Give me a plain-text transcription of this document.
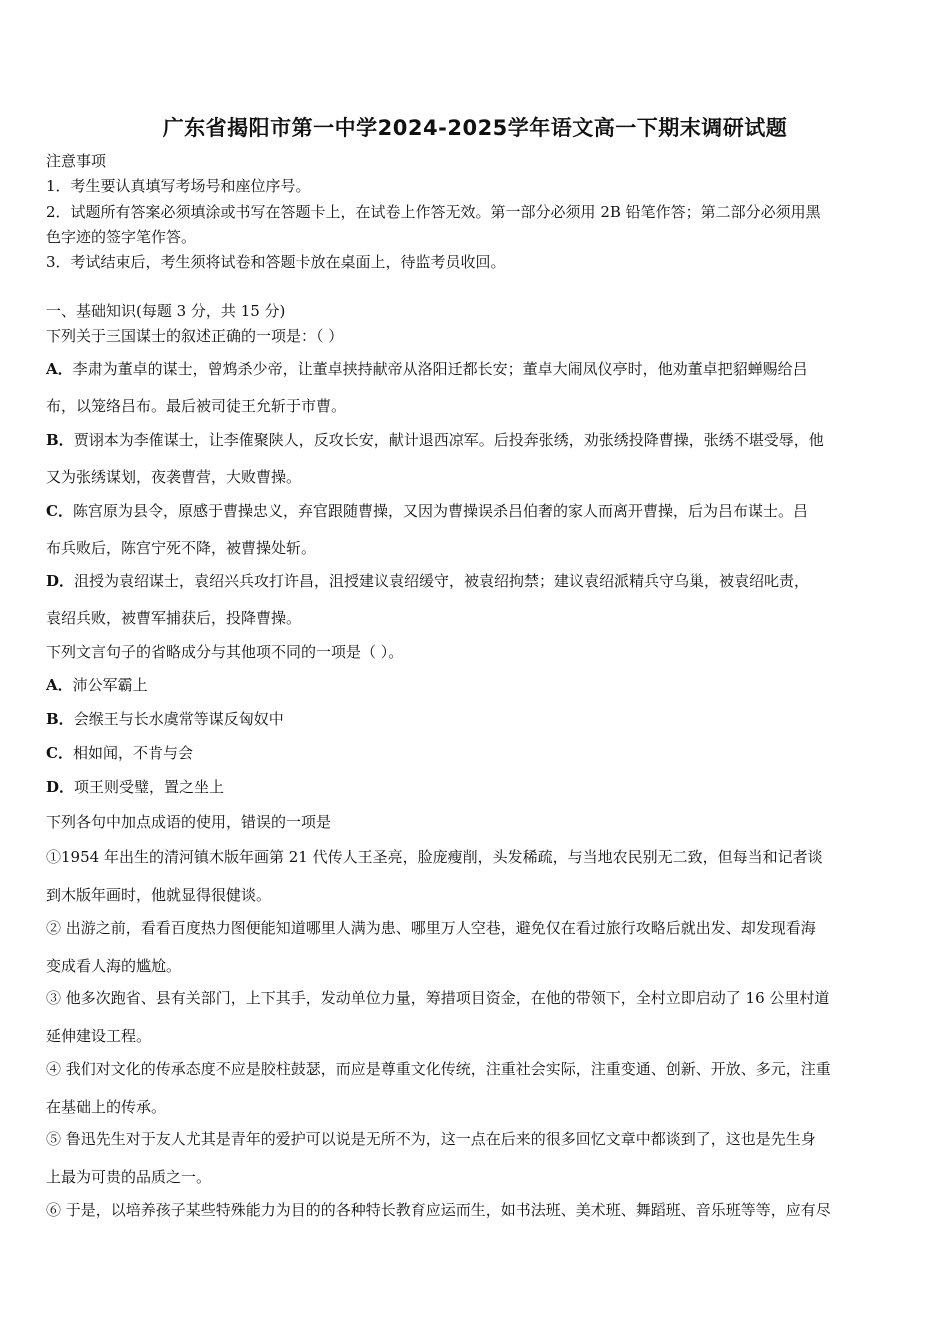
广东省揭阳市第一中学2024-2025学年语文高一下期末调研试题
注意事项
1．考生要认真填写考场号和座位序号。
2．试题所有答案必须填涂或书写在答题卡上，在试卷上作答无效。第一部分必须用 2B 铅笔作答；第二部分必须用黑
色字迹的签字笔作答。
3．考试结束后，考生须将试卷和答题卡放在桌面上，待监考员收回。
一、基础知识(每题 3 分，共 15 分)
下列关于三国谋士的叙述正确的一项是：（ ）
A．李肃为董卓的谋士，曾鸩杀少帝，让董卓挟持献帝从洛阳迁都长安；董卓大闹凤仪亭时，他劝董卓把貂蝉赐给吕
布，以笼络吕布。最后被司徒王允斩于市曹。
B．贾诩本为李傕谋士，让李傕聚陕人，反攻长安，献计退西凉军。后投奔张绣，劝张绣投降曹操，张绣不堪受辱，他
又为张绣谋划，夜袭曹营，大败曹操。
C．陈宫原为县令，原感于曹操忠义，弃官跟随曹操，又因为曹操误杀吕伯奢的家人而离开曹操，后为吕布谋士。吕
布兵败后，陈宫宁死不降，被曹操处斩。
D．沮授为袁绍谋士，袁绍兴兵攻打许昌，沮授建议袁绍缓守，被袁绍拘禁；建议袁绍派精兵守乌巢，被袁绍叱责，
袁绍兵败，被曹军捕获后，投降曹操。
下列文言句子的省略成分与其他项不同的一项是（ ）。
A．沛公军霸上
B．会缑王与长水虞常等谋反匈奴中
C．相如闻，不肯与会
D．项王则受璧，置之坐上
下列各句中加点成语的使用，错误的一项是
①1954 年出生的清河镇木版年画第 21 代传人王圣亮，脸庞瘦削，头发稀疏，与当地农民别无二致，但每当和记者谈
到木版年画时，他就显得很健谈。
② 出游之前，看看百度热力图便能知道哪里人满为患、哪里万人空巷，避免仅在看过旅行攻略后就出发、却发现看海
变成看人海的尴尬。
③ 他多次跑省、县有关部门，上下其手，发动单位力量，筹措项目资金，在他的带领下，全村立即启动了 16 公里村道
延伸建设工程。
④ 我们对文化的传承态度不应是胶柱鼓瑟，而应是尊重文化传统，注重社会实际，注重变通、创新、开放、多元，注重
在基础上的传承。
⑤ 鲁迅先生对于友人尤其是青年的爱护可以说是无所不为，这一点在后来的很多回忆文章中都谈到了，这也是先生身
上最为可贵的品质之一。
⑥ 于是，以培养孩子某些特殊能力为目的的各种特长教育应运而生，如书法班、美术班、舞蹈班、音乐班等等，应有尽
